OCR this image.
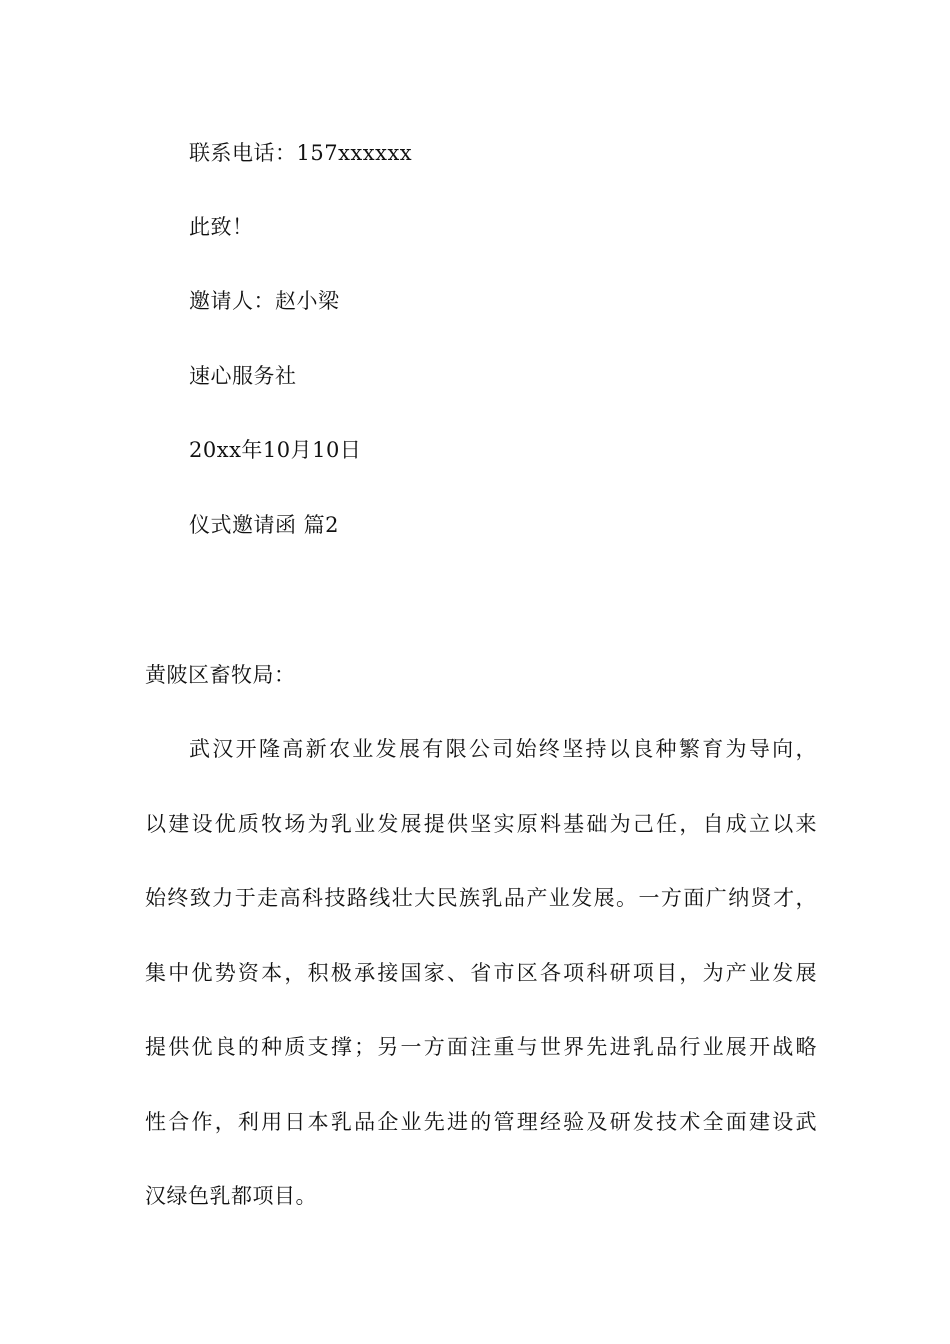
联系电话：157xxxxxx
此致！
邀请人：赵小梁
速心服务社
20xx年10月10日
仪式邀请函 篇2
黄陂区畜牧局：
武汉开隆高新农业发展有限公司始终坚持以良种繁育为导向，
以建设优质牧场为乳业发展提供坚实原料基础为己任，自成立以来
始终致力于走高科技路线壮大民族乳品产业发展。一方面广纳贤才，
集中优势资本，积极承接国家、省市区各项科研项目，为产业发展
提供优良的种质支撑；另一方面注重与世界先进乳品行业展开战略
性合作，利用日本乳品企业先进的管理经验及研发技术全面建设武
汉绿色乳都项目。
